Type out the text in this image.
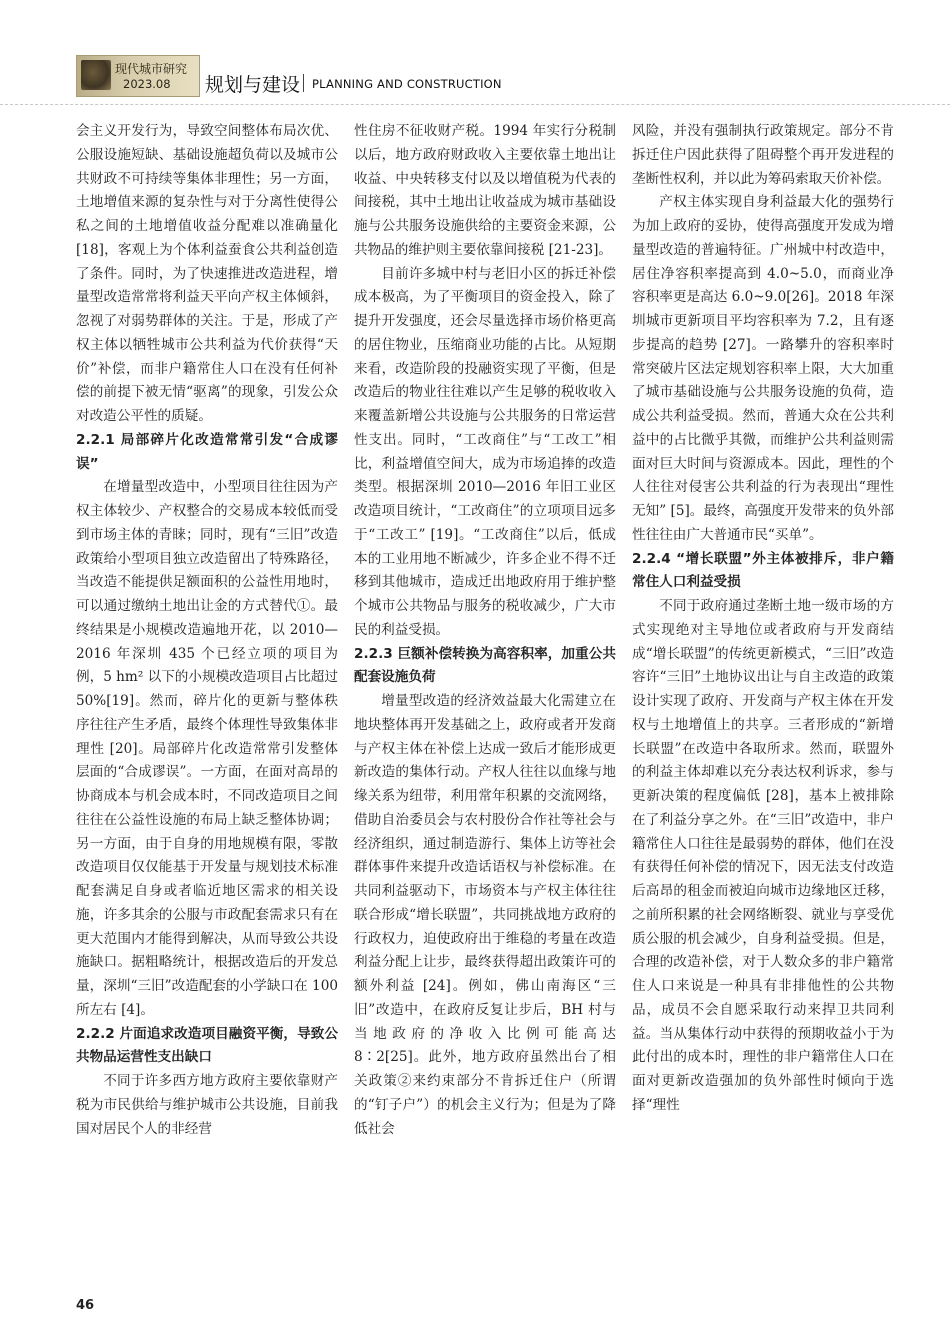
现代城市研究
2023.08 规划与建设 PLANNING AND CONSTRUCTION

会主义开发行为，导致空间整体布局次优、公服设施短缺、基础设施超负荷以及城市公共财政不可持续等集体非理性；另一方面，土地增值来源的复杂性与对于分离性使得公私之间的土地增值收益分配难以准确量化 [18]，客观上为个体利益蚕食公共利益创造了条件。同时，为了快速推进改造进程，增量型改造常常将利益天平向产权主体倾斜，忽视了对弱势群体的关注。于是，形成了产权主体以牺牲城市公共利益为代价获得“天价”补偿，而非户籍常住人口在没有任何补偿的前提下被无情“驱离”的现象，引发公众对改造公平性的质疑。

2.2.1 局部碎片化改造常常引发“合成谬误”

在增量型改造中，小型项目往往因为产权主体较少、产权整合的交易成本较低而受到市场主体的青睐；同时，现有“三旧”改造政策给小型项目独立改造留出了特殊路径，当改造不能提供足额面积的公益性用地时，可以通过缴纳土地出让金的方式替代①。最终结果是小规模改造遍地开花，以 2010—2016 年深圳 435 个已经立项的项目为例，5 hm² 以下的小规模改造项目占比超过 50%[19]。然而，碎片化的更新与整体秩序往往产生矛盾，最终个体理性导致集体非理性 [20]。局部碎片化改造常常引发整体层面的“合成谬误”。一方面，在面对高昂的协商成本与机会成本时，不同改造项目之间往往在公益性设施的布局上缺乏整体协调；另一方面，由于自身的用地规模有限，零散改造项目仅仅能基于开发量与规划技术标准配套满足自身或者临近地区需求的相关设施，许多其余的公服与市政配套需求只有在更大范围内才能得到解决，从而导致公共设施缺口。据粗略统计，根据改造后的开发总量，深圳“三旧”改造配套的小学缺口在 100 所左右 [4]。

2.2.2 片面追求改造项目融资平衡，导致公共物品运营性支出缺口

不同于许多西方地方政府主要依靠财产税为市民供给与维护城市公共设施，目前我国对居民个人的非经营

性住房不征收财产税。1994 年实行分税制以后，地方政府财政收入主要依靠土地出让收益、中央转移支付以及以增值税为代表的间接税，其中土地出让收益成为城市基础设施与公共服务设施供给的主要资金来源，公共物品的维护则主要依靠间接税 [21-23]。

目前许多城中村与老旧小区的拆迁补偿成本极高，为了平衡项目的资金投入，除了提升开发强度，还会尽量选择市场价格更高的居住物业，压缩商业功能的占比。从短期来看，改造阶段的投融资实现了平衡，但是改造后的物业往往难以产生足够的税收收入来覆盖新增公共设施与公共服务的日常运营性支出。同时，“工改商住”与“工改工”相比，利益增值空间大，成为市场追捧的改造类型。根据深圳 2010—2016 年旧工业区改造项目统计，“工改商住”的立项项目远多于“工改工” [19]。“工改商住”以后，低成本的工业用地不断减少，许多企业不得不迁移到其他城市，造成迁出地政府用于维护整个城市公共物品与服务的税收减少，广大市民的利益受损。

2.2.3 巨额补偿转换为高容积率，加重公共配套设施负荷

增量型改造的经济效益最大化需建立在地块整体再开发基础之上，政府或者开发商与产权主体在补偿上达成一致后才能形成更新改造的集体行动。产权人往往以血缘与地缘关系为纽带，利用常年积累的交流网络，借助自治委员会与农村股份合作社等社会与经济组织，通过制造游行、集体上访等社会群体事件来提升改造话语权与补偿标准。在共同利益驱动下，市场资本与产权主体往往联合形成“增长联盟”，共同挑战地方政府的行政权力，迫使政府出于维稳的考量在改造利益分配上让步，最终获得超出政策许可的额外利益 [24]。例如，佛山南海区“三旧”改造中，在政府反复让步后，BH 村与当地政府的净收入比例可能高达 8∶2[25]。此外，地方政府虽然出台了相关政策②来约束部分不肯拆迁住户（所谓的“钉子户”）的机会主义行为；但是为了降低社会

风险，并没有强制执行政策规定。部分不肯拆迁住户因此获得了阻碍整个再开发进程的垄断性权利，并以此为筹码索取天价补偿。

产权主体实现自身利益最大化的强势行为加上政府的妥协，使得高强度开发成为增量型改造的普遍特征。广州城中村改造中，居住净容积率提高到 4.0~5.0，而商业净容积率更是高达 6.0~9.0[26]。2018 年深圳城市更新项目平均容积率为 7.2，且有逐步提高的趋势 [27]。一路攀升的容积率时常突破片区法定规划容积率上限，大大加重了城市基础设施与公共服务设施的负荷，造成公共利益受损。然而，普通大众在公共利益中的占比微乎其微，而维护公共利益则需面对巨大时间与资源成本。因此，理性的个人往往对侵害公共利益的行为表现出“理性无知” [5]。最终，高强度开发带来的负外部性往往由广大普通市民“买单”。

2.2.4 “增长联盟”外主体被排斥，非户籍常住人口利益受损

不同于政府通过垄断土地一级市场的方式实现绝对主导地位或者政府与开发商结成“增长联盟”的传统更新模式，“三旧”改造容许“三旧”土地协议出让与自主改造的政策设计实现了政府、开发商与产权主体在开发权与土地增值上的共享。三者形成的“新增长联盟”在改造中各取所求。然而，联盟外的利益主体却难以充分表达权利诉求，参与更新决策的程度偏低 [28]，基本上被排除在了利益分享之外。在“三旧”改造中，非户籍常住人口往往是最弱势的群体，他们在没有获得任何补偿的情况下，因无法支付改造后高昂的租金而被迫向城市边缘地区迁移，之前所积累的社会网络断裂、就业与享受优质公服的机会减少，自身利益受损。但是，合理的改造补偿，对于人数众多的非户籍常住人口来说是一种具有非排他性的公共物品，成员不会自愿采取行动来捍卫共同利益。当从集体行动中获得的预期收益小于为此付出的成本时，理性的非户籍常住人口在面对更新改造强加的负外部性时倾向于选择“理性

46
